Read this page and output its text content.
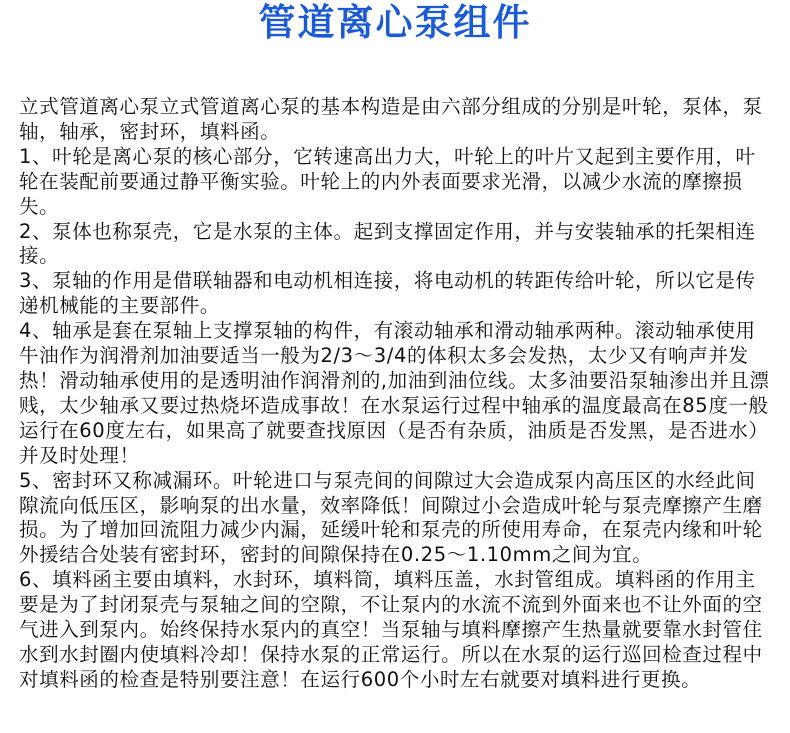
管道离心泵组件

立式管道离心泵立式管道离心泵的基本构造是由六部分组成的分别是叶轮，泵体，泵轴，轴承，密封环，填料函。

1、叶轮是离心泵的核心部分，它转速高出力大，叶轮上的叶片又起到主要作用，叶轮在装配前要通过静平衡实验。叶轮上的内外表面要求光滑，以减少水流的摩擦损失。

2、泵体也称泵壳，它是水泵的主体。起到支撑固定作用，并与安装轴承的托架相连接。

3、泵轴的作用是借联轴器和电动机相连接，将电动机的转距传给叶轮，所以它是传递机械能的主要部件。

4、轴承是套在泵轴上支撑泵轴的构件，有滚动轴承和滑动轴承两种。滚动轴承使用牛油作为润滑剂加油要适当一般为2/3～3/4的体积太多会发热，太少又有响声并发热！滑动轴承使用的是透明油作润滑剂的,加油到油位线。太多油要沿泵轴渗出并且漂贱，太少轴承又要过热烧坏造成事故！在水泵运行过程中轴承的温度最高在85度一般运行在60度左右，如果高了就要查找原因（是否有杂质，油质是否发黑，是否进水）并及时处理！

5、密封环又称减漏环。叶轮进口与泵壳间的间隙过大会造成泵内高压区的水经此间隙流向低压区，影响泵的出水量，效率降低！间隙过小会造成叶轮与泵壳摩擦产生磨损。为了增加回流阻力减少内漏，延缓叶轮和泵壳的所使用寿命，在泵壳内缘和叶轮外援结合处装有密封环，密封的间隙保持在0.25～1.10mm之间为宜。

6、填料函主要由填料，水封环，填料筒，填料压盖，水封管组成。填料函的作用主要是为了封闭泵壳与泵轴之间的空隙，不让泵内的水流不流到外面来也不让外面的空气进入到泵内。始终保持水泵内的真空！当泵轴与填料摩擦产生热量就要靠水封管住水到水封圈内使填料冷却！保持水泵的正常运行。所以在水泵的运行巡回检查过程中对填料函的检查是特别要注意！在运行600个小时左右就要对填料进行更换。
